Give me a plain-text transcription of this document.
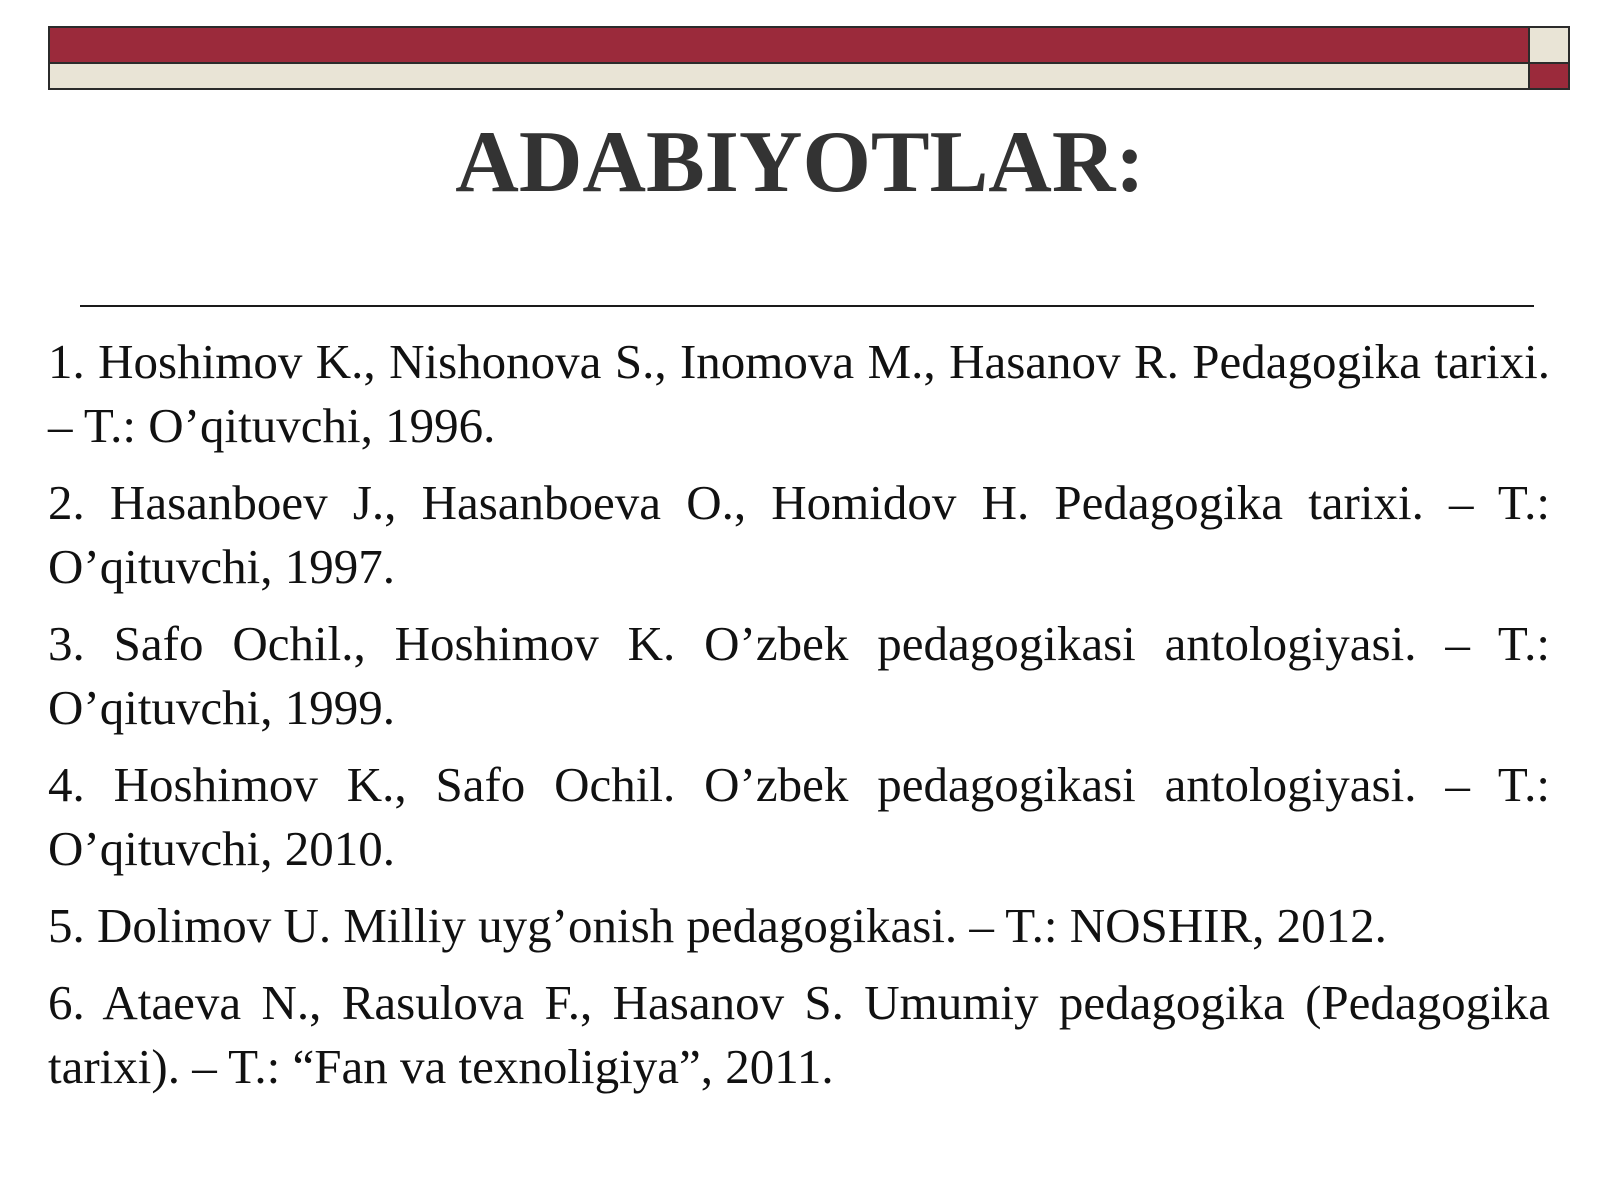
ADABIYOTLAR:
1. Hoshimov K., Nishonova S., Inomova M., Hasanov R. Pedagogika tarixi. – T.: O’qituvchi, 1996.
2. Hasanboev J., Hasanboeva O., Homidov H. Pedagogika tarixi. – T.: O’qituvchi, 1997.
3. Safo Ochil., Hoshimov K. O’zbek pedagogikasi antologiyasi. – T.: O’qituvchi, 1999.
4. Hoshimov K., Safo Ochil. O’zbek pedagogikasi antologiyasi. – T.: O’qituvchi, 2010.
5. Dolimov U. Milliy uyg’onish pedagogikasi. – T.: NOSHIR, 2012.
6. Ataeva N., Rasulova F., Hasanov S. Umumiy pedagogika (Pedagogika tarixi). – T.: “Fan va texnoligiya”, 2011.
